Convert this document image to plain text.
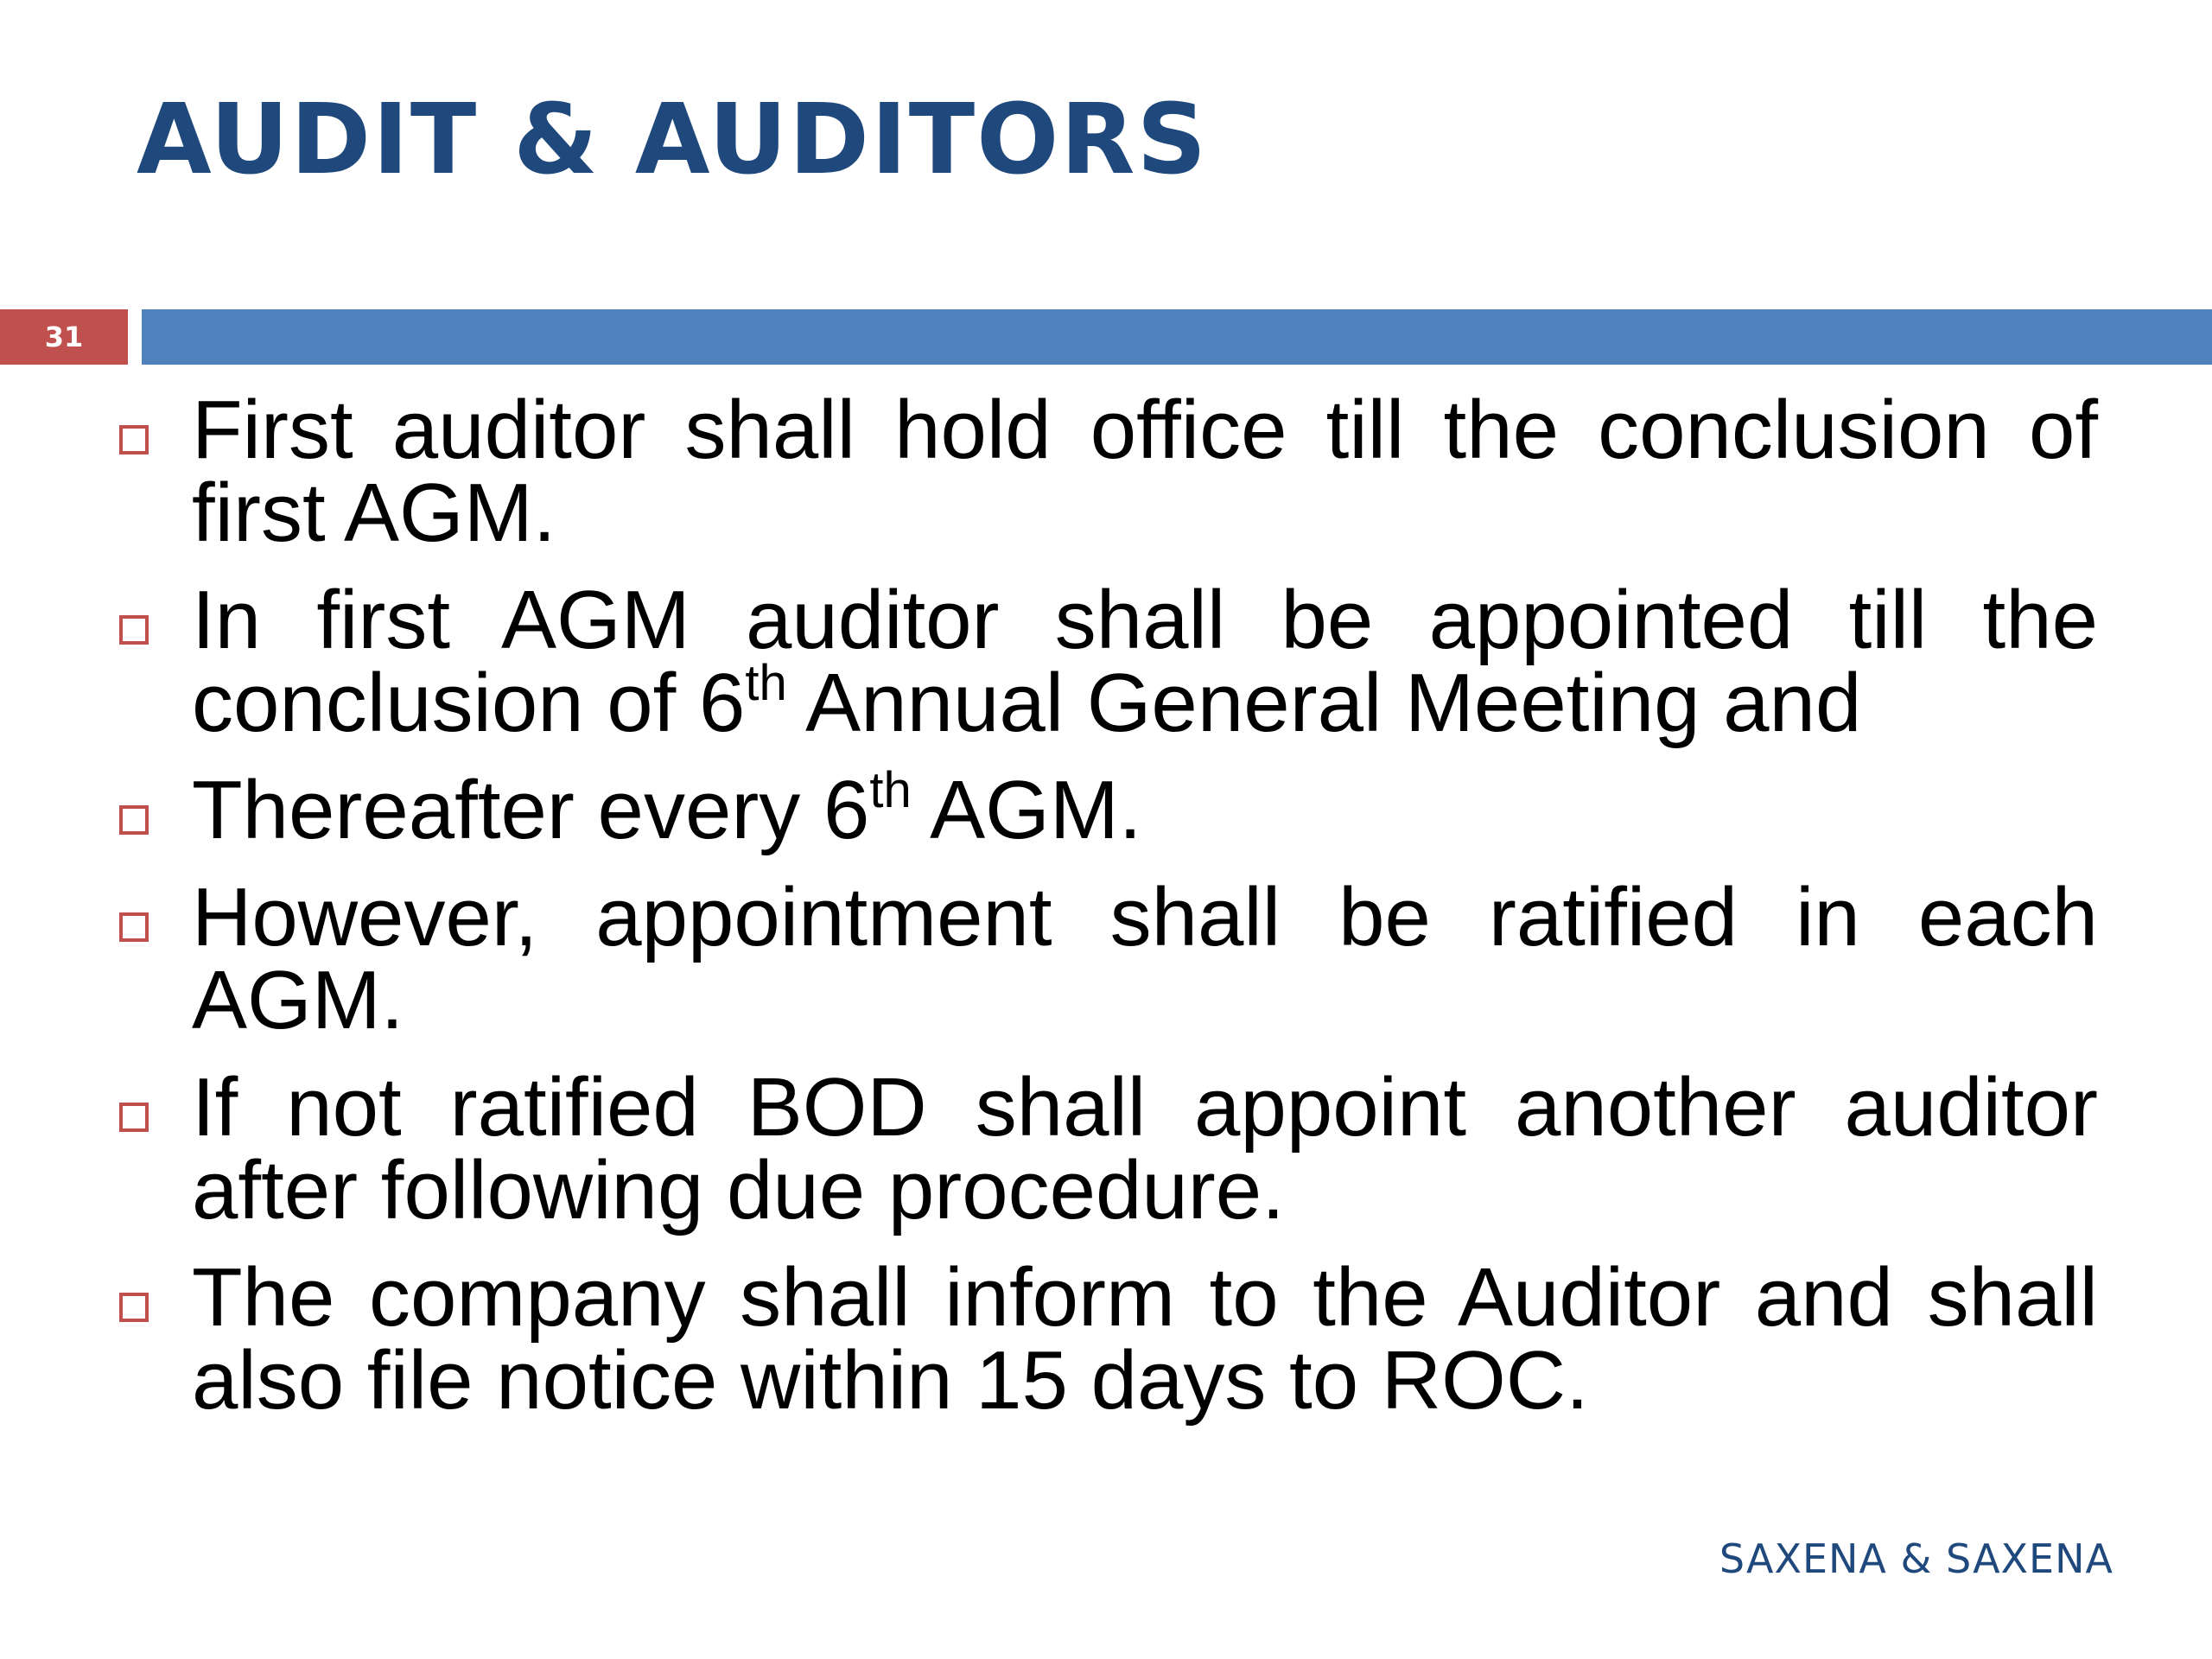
AUDIT & AUDITORS
31
First auditor shall hold office till the conclusion of first AGM.
In first AGM auditor shall be appointed till the conclusion of 6th Annual General Meeting and
Thereafter every 6th AGM.
However, appointment shall be ratified in each AGM.
If not ratified BOD shall appoint another auditor after following due procedure.
The company shall inform to the Auditor and shall also file notice within 15 days to ROC.
SAXENA & SAXENA
